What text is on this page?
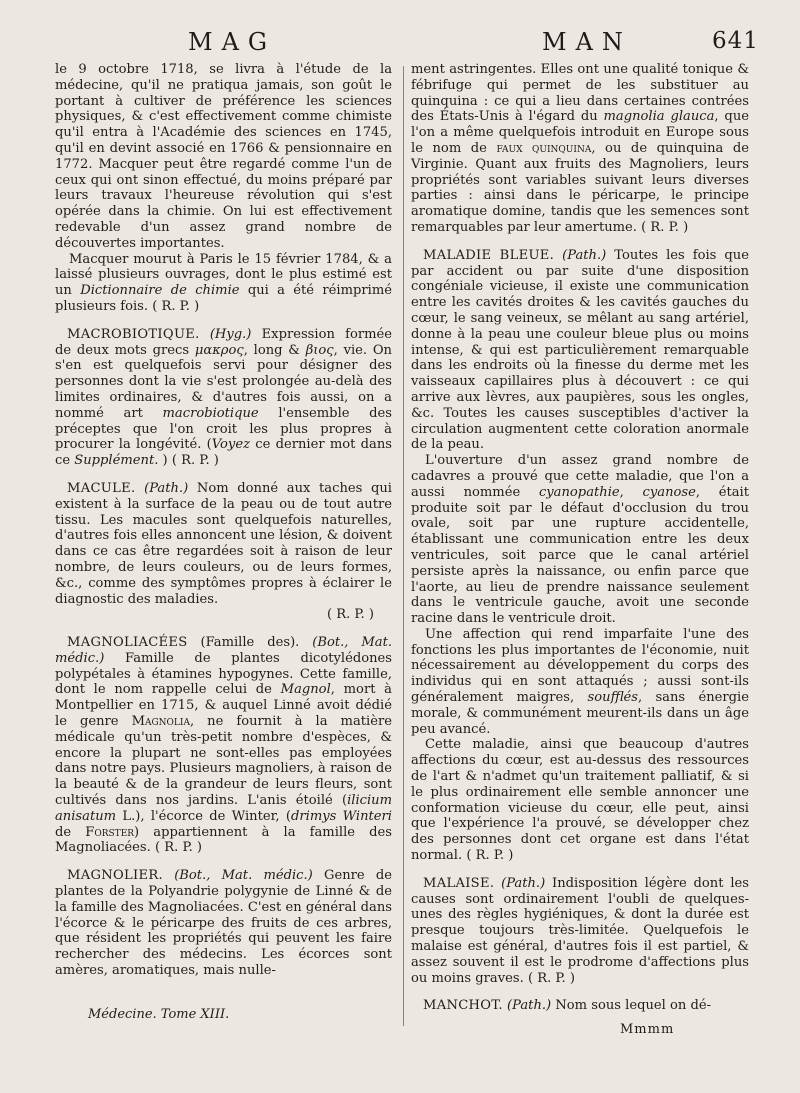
MAG	MAN	641

le 9 octobre 1718, se livra à l'étude de la médecine, qu'il ne pratiqua jamais, son goût le portant à cultiver de préférence les sciences physiques, & c'est effectivement comme chimiste qu'il entra à l'Académie des sciences en 1745, qu'il en devint associé en 1766 & pensionnaire en 1772. Macquer peut être regardé comme l'un de ceux qui ont sinon effectué, du moins préparé par leurs travaux l'heureuse révolution qui s'est opérée dans la chimie. On lui est effectivement redevable d'un assez grand nombre de découvertes importantes.

Macquer mourut à Paris le 15 février 1784, & a laissé plusieurs ouvrages, dont le plus estimé est un Dictionnaire de chimie qui a été réimprimé plusieurs fois. ( R. P. )

MACROBIOTIQUE. (Hyg.) Expression formée de deux mots grecs μακρος, long & βιος, vie. On s'en est quelquefois servi pour désigner des personnes dont la vie s'est prolongée au-delà des limites ordinaires, & d'autres fois aussi, on a nommé art macrobiotique l'ensemble des préceptes que l'on croit les plus propres à procurer la longévité. (Voyez ce dernier mot dans ce Supplément. ) ( R. P. )

MACULE. (Path.) Nom donné aux taches qui existent à la surface de la peau ou de tout autre tissu. Les macules sont quelquefois naturelles, d'autres fois elles annoncent une lésion, & doivent dans ce cas être regardées soit à raison de leur nombre, de leurs couleurs, ou de leurs formes, &c., comme des symptômes propres à éclairer le diagnostic des maladies.

( R. P. )

MAGNOLIACÉES (Famille des). (Bot., Mat. médic.) Famille de plantes dicotylédones polypétales à étamines hypogynes. Cette famille, dont le nom rappelle celui de Magnol, mort à Montpellier en 1715, & auquel Linné avoit dédié le genre Magnolia, ne fournit à la matière médicale qu'un très-petit nombre d'espèces, & encore la plupart ne sont-elles pas employées dans notre pays. Plusieurs magnoliers, à raison de la beauté & de la grandeur de leurs fleurs, sont cultivés dans nos jardins. L'anis étoilé (ilicium anisatum L.), l'écorce de Winter, (drimys Winteri de Forster) appartiennent à la famille des Magnoliacées. ( R. P. )

MAGNOLIER. (Bot., Mat. médic.) Genre de plantes de la Polyandrie polygynie de Linné & de la famille des Magnoliacées. C'est en général dans l'écorce & le péricarpe des fruits de ces arbres, que résident les propriétés qui peuvent les faire rechercher des médecins. Les écorces sont amères, aromatiques, mais nulle-

Médecine. Tome XIII.

ment astringentes. Elles ont une qualité tonique & fébrifuge qui permet de les substituer au quinquina : ce qui a lieu dans certaines contrées des États-Unis à l'égard du magnolia glauca, que l'on a même quelquefois introduit en Europe sous le nom de faux quinquina, ou de quinquina de Virginie. Quant aux fruits des Magnoliers, leurs propriétés sont variables suivant leurs diverses parties : ainsi dans le péricarpe, le principe aromatique domine, tandis que les semences sont remarquables par leur amertume. ( R. P. )

MALADIE BLEUE. (Path.) Toutes les fois que par accident ou par suite d'une disposition congéniale vicieuse, il existe une communication entre les cavités droites & les cavités gauches du cœur, le sang veineux, se mêlant au sang artériel, donne à la peau une couleur bleue plus ou moins intense, & qui est particulièrement remarquable dans les endroits où la finesse du derme met les vaisseaux capillaires plus à découvert : ce qui arrive aux lèvres, aux paupières, sous les ongles, &c. Toutes les causes susceptibles d'activer la circulation augmentent cette coloration anormale de la peau.

L'ouverture d'un assez grand nombre de cadavres a prouvé que cette maladie, que l'on a aussi nommée cyanopathie, cyanose, était produite soit par le défaut d'occlusion du trou ovale, soit par une rupture accidentelle, établissant une communication entre les deux ventricules, soit parce que le canal artériel persiste après la naissance, ou enfin parce que l'aorte, au lieu de prendre naissance seulement dans le ventricule gauche, avoit une seconde racine dans le ventricule droit.

Une affection qui rend imparfaite l'une des fonctions les plus importantes de l'économie, nuit nécessairement au développement du corps des individus qui en sont attaqués ; aussi sont-ils généralement maigres, soufflés, sans énergie morale, & communément meurent-ils dans un âge peu avancé.

Cette maladie, ainsi que beaucoup d'autres affections du cœur, est au-dessus des ressources de l'art & n'admet qu'un traitement palliatif, & si le plus ordinairement elle semble annoncer une conformation vicieuse du cœur, elle peut, ainsi que l'expérience l'a prouvé, se développer chez des personnes dont cet organe est dans l'état normal. ( R. P. )

MALAISE. (Path.) Indisposition légère dont les causes sont ordinairement l'oubli de quelques-unes des règles hygiéniques, & dont la durée est presque toujours très-limitée. Quelquefois le malaise est général, d'autres fois il est partiel, & assez souvent il est le prodrome d'affections plus ou moins graves. ( R. P. )

MANCHOT. (Path.) Nom sous lequel on dé-

Mmmm
